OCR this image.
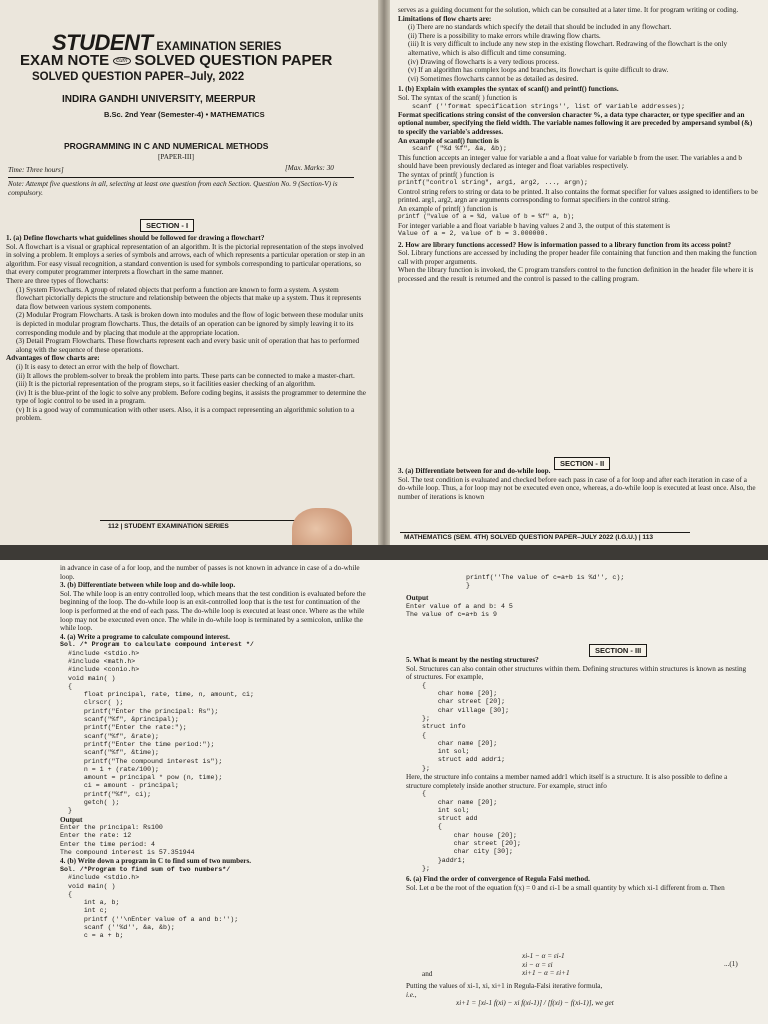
STUDENT EXAMINATION SERIES
EXAM NOTE cum SOLVED QUESTION PAPER
SOLVED QUESTION PAPER–July, 2022
INDIRA GANDHI UNIVERSITY, MEERPUR
B.Sc. 2nd Year (Semester-4) • MATHEMATICS
PROGRAMMING IN C AND NUMERICAL METHODS
[PAPER-III]
Time: Three hours]	[Max. Marks: 30
Note: Attempt five questions in all, selecting at least one question from each Section. Question No. 9 (Section-V) is compulsory.
SECTION - I

1. (a) Define flowcharts what guidelines should be followed for drawing a flowchart?

Sol. A flowchart is a visual or graphical representation of an algorithm. It is the pictorial representation of the steps involved in solving a problem. It employs a series of symbols and arrows, each of which represents a particular operation or step in an algorithm. For easy visual recognition, a standard convention is used for symbols corresponding to particular operations, so that every computer programmer interprets a flowchart in the same manner.

There are three types of flowcharts:

(1) System Flowcharts. A group of related objects that perform a function are known to form a system. A system flowchart pictorially depicts the structure and relationship between the objects that make up a system. Thus it represents data flow between various system components.

(2) Modular Program Flowcharts. A task is broken down into modules and the flow of logic between these modular units is depicted in modular program flowcharts. Thus, the details of an operation can be ignored by simply leaving it to its corresponding module and by placing that module at the appropriate location.

(3) Detail Program Flowcharts. These flowcharts represent each and every basic unit of operation that has to performed along with the sequence of these operations.

Advantages of flow charts are:

(i) It is easy to detect an error with the help of flowchart.

(ii) It allows the problem-solver to break the problem into parts. These parts can be connected to make a master-chart.

(iii) It is the pictorial representation of the program steps, so it facilities easier checking of an algorithm.

(iv) It is the blue-print of the logic to solve any problem. Before coding begins, it assists the programmer to determine the type of logic control to be used in a program.

(v) It is a good way of communication with other users. Also, it is a compact representing an algorithmic solution to a problem.

112 | STUDENT EXAMINATION SERIES

serves as a guiding document for the solution, which can be consulted at a later time. It for program writing or coding.

Limitations of flow charts are:

(i) There are no standards which specify the detail that should be included in any flowchart.

(ii) There is a possibility to make errors while drawing flow charts.

(iii) It is very difficult to include any new step in the existing flowchart. Redrawing of the flowchart is the only alternative, which is also difficult and time consuming.

(iv) Drawing of flowcharts is a very tedious process.

(v) If an algorithm has complex loops and branches, its flowchart is quite difficult to draw.

(vi) Sometimes flowcharts cannot be as detailed as desired.

1. (b) Explain with examples the syntax of scanf() and printf() functions.

Sol. The syntax of the scanf( ) function is

scanf (''format specification strings'', list of variable addresses);

Format specifications string consist of the conversion character %, a data type character, or type specifier and an optional number, specifying the field width. The variable names following it are preceded by ampersand symbol (&) to specify the variable's addresses.

An example of scanf() function is

scanf ("%d %f", &a, &b);

This function accepts an integer value for variable a and a float value for variable b from the user. The variables a and b should have been previously declared as integer and float variables respectively.

The syntax of printf( ) function is

printf("control string", arg1, arg2, ..., argn);

Control string refers to string or data to be printed. It also contains the format specifier for values assigned to identifiers to be printed. arg1, arg2, argn are arguments corresponding to format specifiers in the control string.

An example of printf( ) function is

printf ("value of a = %d, value of b = %f" a, b);

For integer variable a and float variable b having values 2 and 3, the output of this statement is

Value of a = 2, value of b = 3.000000.

2. How are library functions accessed? How is information passed to a library function from its access point?

Sol. Library functions are accessed by including the proper header file containing that function and then making the function call with proper arguments.

When the library function is invoked, the C program transfers control to the function definition in the header file where it is processed and the result is returned and the control is passed to the calling program.

SECTION - II

3. (a) Differentiate between for and do-while loop.

Sol. The test condition is evaluated and checked before each pass in case of a for loop and after each iteration in case of a do-while loop. Thus, a for loop may not be executed even once, whereas, a do-while loop is executed at least once. Also, the number of iterations is known

MATHEMATICS (SEM. 4TH) SOLVED QUESTION PAPER–JULY 2022 (I.G.U.) | 113

in advance in case of a for loop, and the number of passes is not known in advance in case of a do-while loop.

3. (b) Differentiate between while loop and do-while loop.

Sol. The while loop is an entry controlled loop, which means that the test condition is evaluated before the beginning of the loop. The do-while loop is an exit-controlled loop that is the test for continuation of the loop is performed at the end of each pass. The do-while loop is executed at least once. Where as the while loop may not be executed even once. The while in do-while loop is terminated by a semicolon, unlike the while loop.

4. (a) Write a programe to calculate compound interest.

Sol. /* Program to calculate compound interest */

#include <stdio.h>
#include <math.h>
#include <conio.h>
void main( )
{
float principal, rate, time, n, amount, ci;
clrscr( );
printf("Enter the principal: Rs");
scanf("%f", &principal);
printf("Enter the rate:");
scanf("%f", &rate);
printf("Enter the time period:");
scanf("%f", &time);
printf("The compound interest is");
n = 1 + (rate/100);
amount = principal * pow (n, time);
ci = amount - principal;
printf("%f", ci);
getch( );
}

Output

Enter the principal: Rs100
Enter the rate: 12
Enter the time period: 4
The compound interest is 57.351944

4. (b) Write down a program in C to find sum of two numbers.

Sol. /*Program to find sum of two numbers*/

#include <stdio.h>
void main( )
{
int a, b;
int c;
printf (''\nEnter value of a and b:'');
scanf (''%d'', &a, &b);
c = a + b;

printf(''The value of c=a+b is %d'', c);
}

Output

Enter value of a and b: 4 5
The value of c=a+b is 9

SECTION - III

5. What is meant by the nesting structures?

Sol. Structures can also contain other structures within them. Defining structures within structures is known as nesting of structures. For example,

{
char home [20];
char street [20];
char village [30];
};
struct info
{
char name [20];
int sol;
struct add addr1;
};

Here, the structure info contains a member named addr1 which itself is a structure. It is also possible to define a structure completely inside another structure. For example, struct info

{
char name [20];
int sol;
struct add
{
char house [20];
char street [20];
char city [30];
}addr1;
};

6. (a) Find the order of convergence of Regula Falsi method.

Sol. Let α be the root of the equation f(x) = 0 and εi-1 be a small quantity by which xi-1 different from α. Then

xi-1 − α = εi-1
xi − α = εi
xi+1 − α = εi+1
and
...(1)

Putting the values of xi-1, xi, xi+1 in Regula-Falsi iterative formula,

i.e.,

xi+1 = [xi-1 f(xi) − xi f(xi-1)] / [f(xi) − f(xi-1)], we get
